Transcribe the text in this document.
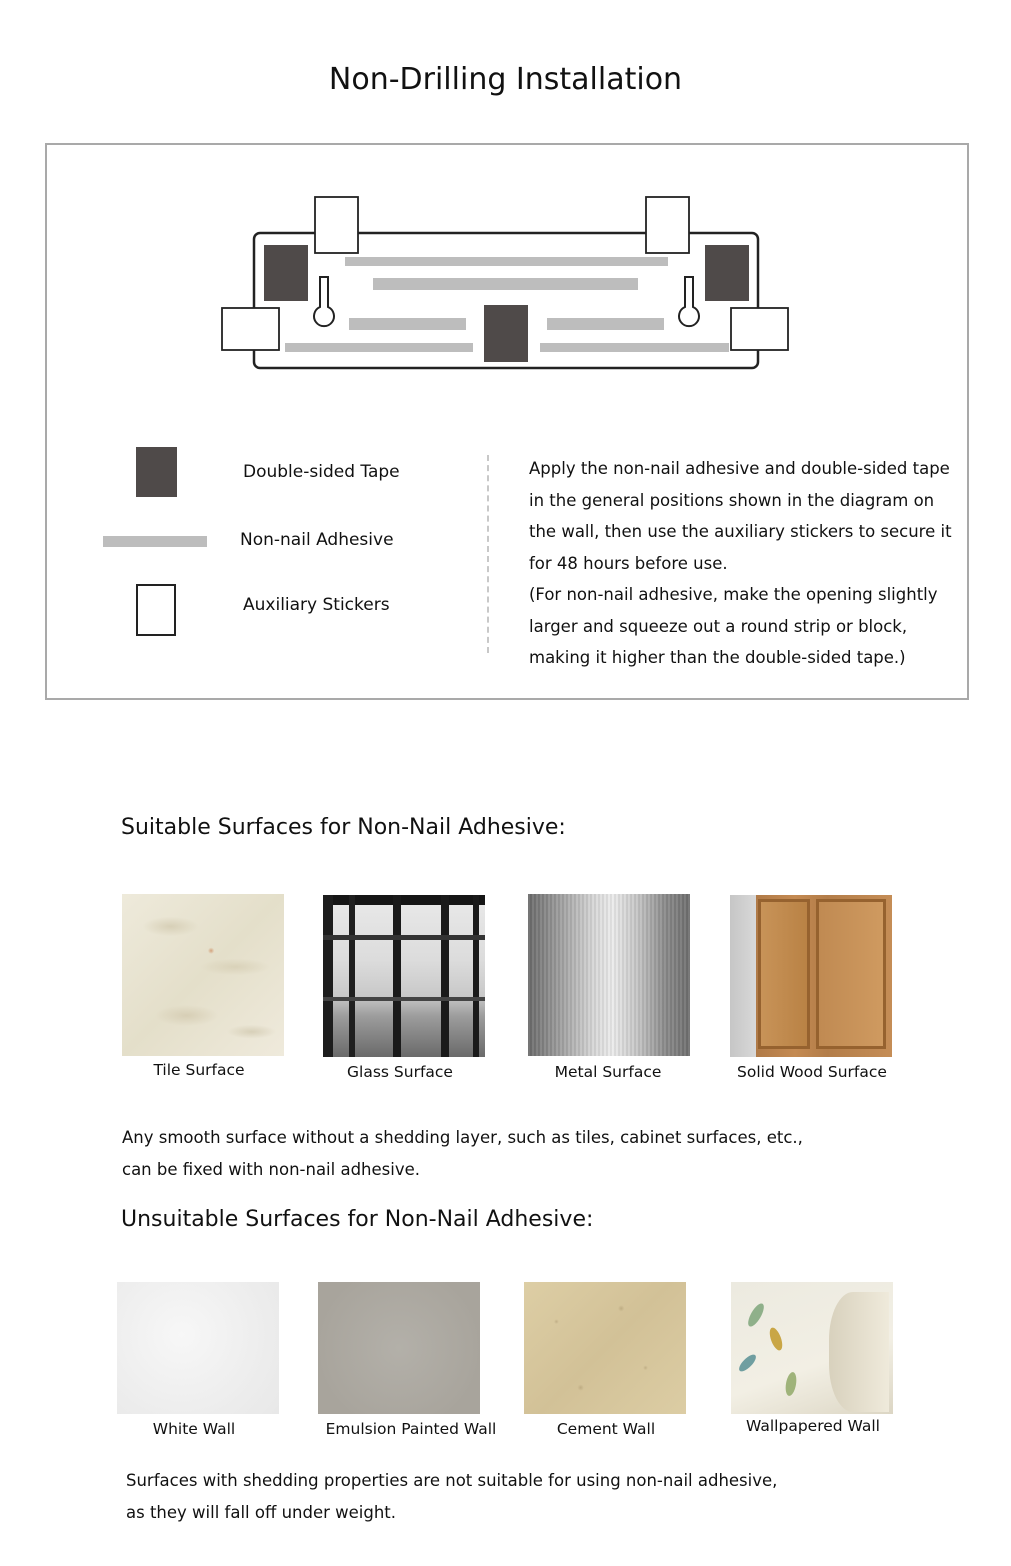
Non-Drilling Installation
Double-sided Tape
Non-nail Adhesive
Auxiliary Stickers

Apply the non-nail adhesive and double-sided tape

in the general positions shown in the diagram on

the wall, then use the auxiliary stickers to secure it

for 48 hours before use.

(For non-nail adhesive, make the opening slightly

larger and squeeze out a round strip or block,

making it higher than the double-sided tape.)

Suitable Surfaces for Non-Nail Adhesive:
Tile Surface	Glass Surface	Metal Surface	Solid Wood Surface

Any smooth surface without a shedding layer, such as tiles, cabinet surfaces, etc.,

can be fixed with non-nail adhesive.

Unsuitable Surfaces for Non-Nail Adhesive:
White Wall	Emulsion Painted Wall	Cement Wall	Wallpapered Wall

Surfaces with shedding properties are not suitable for using non-nail adhesive,

as they will fall off under weight.
